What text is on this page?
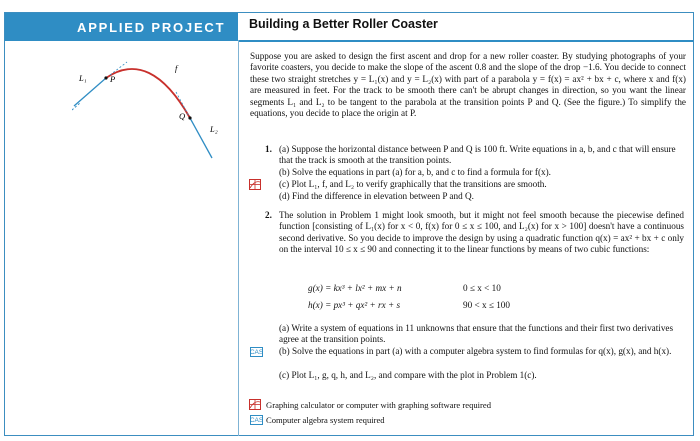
APPLIED PROJECT	Building a Better Roller Coaster
L₁	P
f
Q
L₂
Suppose you are asked to design the first ascent and drop for a new roller coaster. By studying photographs of your favorite coasters, you decide to make the slope of the ascent 0.8 and the slope of the drop −1.6. You decide to connect these two straight stretches y = L₁(x) and y = L₂(x) with part of a parabola y = f(x) = ax² + bx + c, where x and f(x) are measured in feet. For the track to be smooth there can't be abrupt changes in direction, so you want the linear segments L₁ and L₂ to be tangent to the parabola at the transition points P and Q. (See the figure.) To simplify the equations, you decide to place the origin at P.
1. (a) Suppose the horizontal distance between P and Q is 100 ft. Write equations in a, b, and c that will ensure that the track is smooth at the transition points.
(b) Solve the equations in part (a) for a, b, and c to find a formula for f(x).
(c) Plot L₁, f, and L₂ to verify graphically that the transitions are smooth.
(d) Find the difference in elevation between P and Q.
2. The solution in Problem 1 might look smooth, but it might not feel smooth because the piecewise defined function [consisting of L₁(x) for x < 0, f(x) for 0 ≤ x ≤ 100, and L₂(x) for x > 100] doesn't have a continuous second derivative. So you decide to improve the design by using a quadratic function q(x) = ax² + bx + c only on the interval 10 ≤ x ≤ 90 and connecting it to the linear functions by means of two cubic functions:
g(x) = kx³ + lx² + mx + n	0 ≤ x < 10
h(x) = px³ + qx² + rx + s	90 < x ≤ 100
(a) Write a system of equations in 11 unknowns that ensure that the functions and their first two derivatives agree at the transition points.
CAS (b) Solve the equations in part (a) with a computer algebra system to find formulas for q(x), g(x), and h(x).
(c) Plot L₁, g, q, h, and L₂, and compare with the plot in Problem 1(c).
Graphing calculator or computer with graphing software required
CAS Computer algebra system required
